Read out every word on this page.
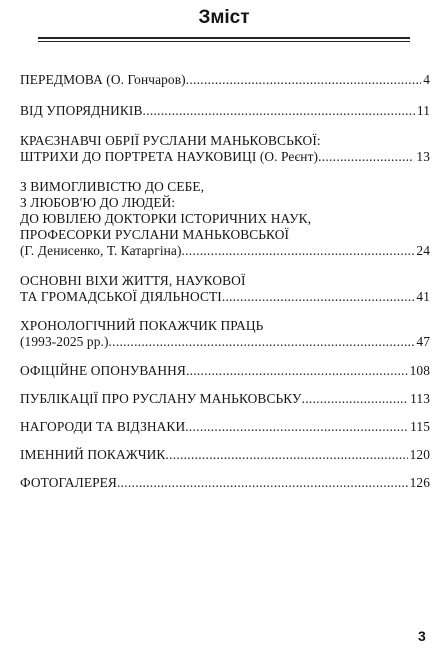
Зміст
ПЕРЕДМОВА (О. Гончаров) .....	4
ВІД УПОРЯДНИКІВ .....	11
КРАЄЗНАВЧІ ОБРІЇ РУСЛАНИ МАНЬКОВСЬКОЇ:
ШТРИХИ ДО ПОРТРЕТА НАУКОВИЦІ (О. Реєнт) .....	13
З ВИМОГЛИВІСТЮ ДО СЕБЕ,
З ЛЮБОВ'Ю ДО ЛЮДЕЙ:
ДО ЮВІЛЕЮ ДОКТОРКИ ІСТОРИЧНИХ НАУК,
ПРОФЕСОРКИ РУСЛАНИ МАНЬКОВСЬКОЇ
(Г. Денисенко, Т. Катаргіна) .....	24
ОСНОВНІ ВІХИ ЖИТТЯ, НАУКОВОЇ
ТА ГРОМАДСЬКОЇ ДІЯЛЬНОСТІ .....	41
ХРОНОЛОГІЧНИЙ ПОКАЖЧИК ПРАЦЬ
(1993-2025 рр.) .....	47
ОФІЦІЙНЕ ОПОНУВАННЯ .....	108
ПУБЛІКАЦІЇ ПРО РУСЛАНУ МАНЬКОВСЬКУ .....	113
НАГОРОДИ ТА ВІДЗНАКИ .....	115
ІМЕННИЙ ПОКАЖЧИК .....	120
ФОТОГАЛЕРЕЯ .....	126
3
